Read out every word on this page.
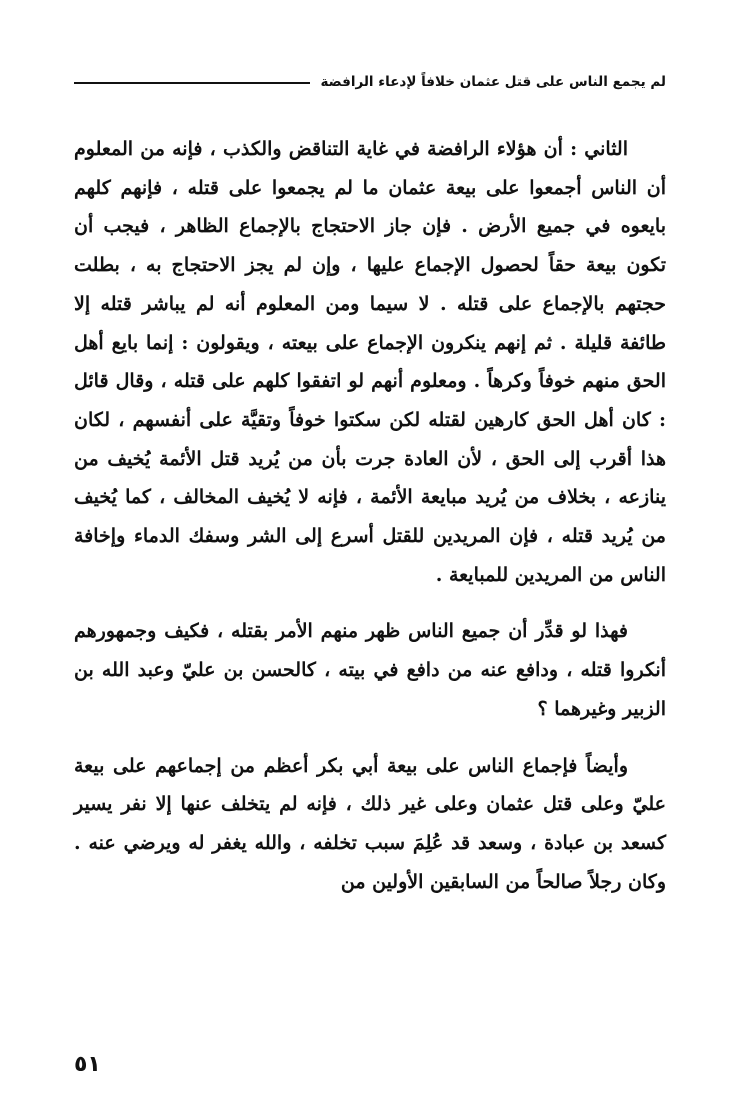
لم يجمع الناس على قتل عثمان خلافاً لإدعاء الرافضة

الثاني : أن هؤلاء الرافضة في غاية التناقض والكذب ، فإنه من المعلوم أن الناس أجمعوا على بيعة عثمان ما لم يجمعوا على قتله ، فإنهم كلهم بايعوه في جميع الأرض . فإن جاز الاحتجاج بالإجماع الظاهر ، فيجب أن تكون بيعة حقاً لحصول الإجماع عليها ، وإن لم يجز الاحتجاج به ، بطلت حجتهم بالإجماع على قتله . لا سيما ومن المعلوم أنه لم يباشر قتله إلا طائفة قليلة . ثم إنهم ينكرون الإجماع على بيعته ، ويقولون : إنما بايع أهل الحق منهم خوفاً وكرهاً . ومعلوم أنهم لو اتفقوا كلهم على قتله ، وقال قائل : كان أهل الحق كارهين لقتله لكن سكتوا خوفاً وتقيَّة على أنفسهم ، لكان هذا أقرب إلى الحق ، لأن العادة جرت بأن من يُريد قتل الأئمة يُخيف من ينازعه ، بخلاف من يُريد مبايعة الأئمة ، فإنه لا يُخيف المخالف ، كما يُخيف من يُريد قتله ، فإن المريدين للقتل أسرع إلى الشر وسفك الدماء وإخافة الناس من المريدين للمبايعة .

فهذا لو قدِّر أن جميع الناس ظهر منهم الأمر بقتله ، فكيف وجمهورهم أنكروا قتله ، ودافع عنه من دافع في بيته ، كالحسن بن عليّ وعبد الله بن الزبير وغيرهما ؟

وأيضاً فإجماع الناس على بيعة أبي بكر أعظم من إجماعهم على بيعة عليّ وعلى قتل عثمان وعلى غير ذلك ، فإنه لم يتخلف عنها إلا نفر يسير كسعد بن عبادة ، وسعد قد عُلِمَ سبب تخلفه ، والله يغفر له ويرضي عنه . وكان رجلاً صالحاً من السابقين الأولين من

٥١
